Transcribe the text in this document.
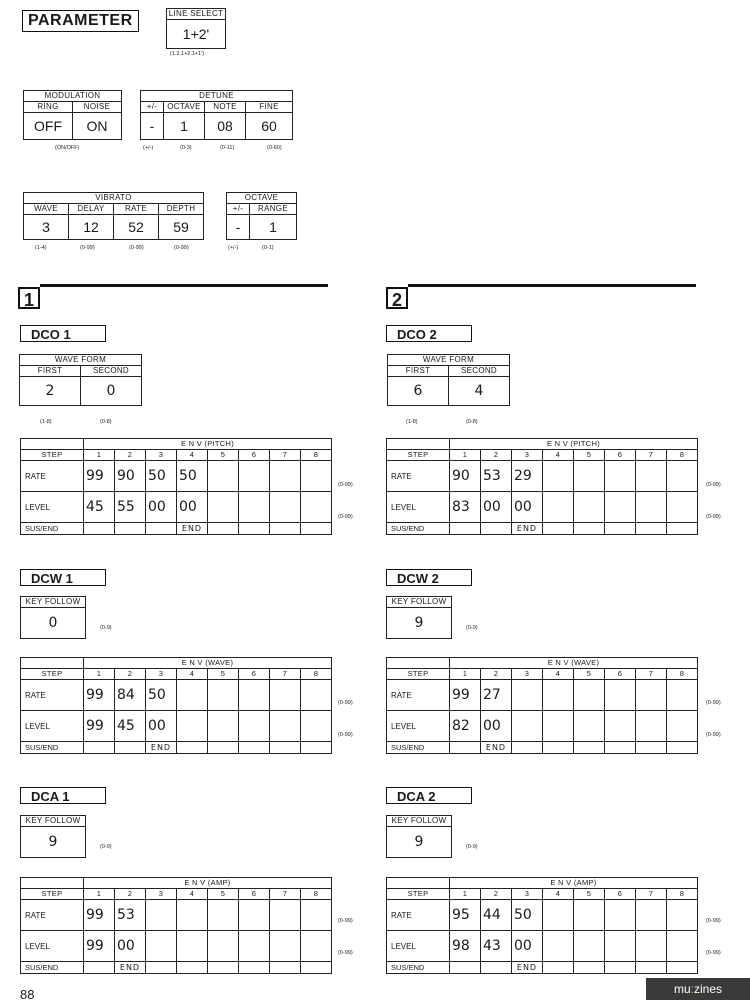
PARAMETER	LINE SELECT
1+2'
(1.2.1+2.1+1')
MODULATION	
RING	NOISE
OFF	ON
(ON/OFF)
DETUNE			
+/-	OCTAVE	NOTE	FINE
-	1	08	60
(+/-)	(0-3)	(0-11)	(0-60)
VIBRATO			
WAVE	DELAY	RATE	DEPTH
3	12	52	59
(1-4)	(0-99)	(0-99)	(0-99)
OCTAVE	
+/-	RANGE
-	1
(+/-)	(0-1)
1
DCO 1
WAVE FORM	
FIRST	SECOND
2	0
(1-8)	(0-8)
	E N V (PITCH)							
STEP	1	2	3	4	5	6	7	8
RATE	99	90	50	50				
LEVEL	45	55	00	00				
SUS/END				END				
(0-99)
(0-99)
DCW 1
KEY FOLLOW
0	(0-9)
	E N V (WAVE)							
STEP	1	2	3	4	5	6	7	8
RATE	99	84	50					
LEVEL	99	45	00					
SUS/END			END					
(0-99)
(0-99)
DCA 1
KEY FOLLOW
9	(0-9)
	E N V (AMP)							
STEP	1	2	3	4	5	6	7	8
RATE	99	53						
LEVEL	99	00						
SUS/END		END						
(0-99)
(0-99)
2
DCO 2
WAVE FORM	
FIRST	SECOND
6	4
(1-8)	(0-8)
	E N V (PITCH)							
STEP	1	2	3	4	5	6	7	8
RATE	90	53	29					
LEVEL	83	00	00					
SUS/END			END					
(0-99)
(0-99)
DCW 2
KEY FOLLOW
9	(0-9)
	E N V (WAVE)							
STEP	1	2	3	4	5	6	7	8
RATE	99	27						
LEVEL	82	00						
SUS/END		END						
(0-99)
(0-99)
DCA 2
KEY FOLLOW
9	(0-9)
	E N V (AMP)							
STEP	1	2	3	4	5	6	7	8
RATE	95	44	50					
LEVEL	98	43	00					
SUS/END			END					
(0-99)
(0-99)
88	mu:zines
